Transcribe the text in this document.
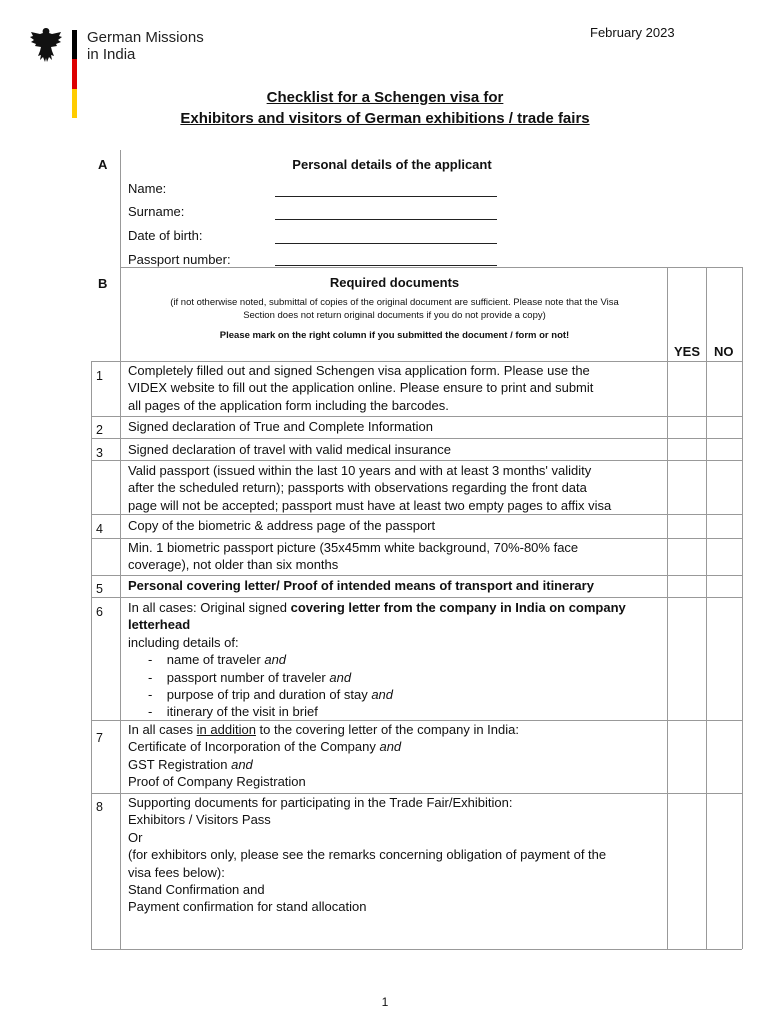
German Missions
in India
February 2023
Checklist for a Schengen visa for
Exhibitors and visitors of German exhibitions / trade fairs
A	Personal details of the applicant
Name:
Surname:
Date of birth:
Passport number:
B	Required documents
(if not otherwise noted, submittal of copies of the original document are sufficient. Please note that the Visa
Section does not return original documents if you do not provide a copy)
Please mark on the right column if you submitted the document / form or not!
YES NO
1 Completely filled out and signed Schengen visa application form. Please use the
VIDEX website to fill out the application online. Please ensure to print and submit
all pages of the application form including the barcodes.
2 Signed declaration of True and Complete Information
3 Signed declaration of travel with valid medical insurance
Valid passport (issued within the last 10 years and with at least 3 months' validity
after the scheduled return); passports with observations regarding the front data
page will not be accepted; passport must have at least two empty pages to affix visa
4 Copy of the biometric & address page of the passport
Min. 1 biometric passport picture (35x45mm white background, 70%-80% face
coverage), not older than six months
5 Personal covering letter/ Proof of intended means of transport and itinerary
6 In all cases: Original signed covering letter from the company in India on company
letterhead
including details of:
- name of traveler and
- passport number of traveler and
- purpose of trip and duration of stay and
- itinerary of the visit in brief
7
In all cases in addition to the covering letter of the company in India:
Certificate of Incorporation of the Company and
GST Registration and
Proof of Company Registration
8 Supporting documents for participating in the Trade Fair/Exhibition:
Exhibitors / Visitors Pass
Or
(for exhibitors only, please see the remarks concerning obligation of payment of the
visa fees below):
Stand Confirmation and
Payment confirmation for stand allocation
1
